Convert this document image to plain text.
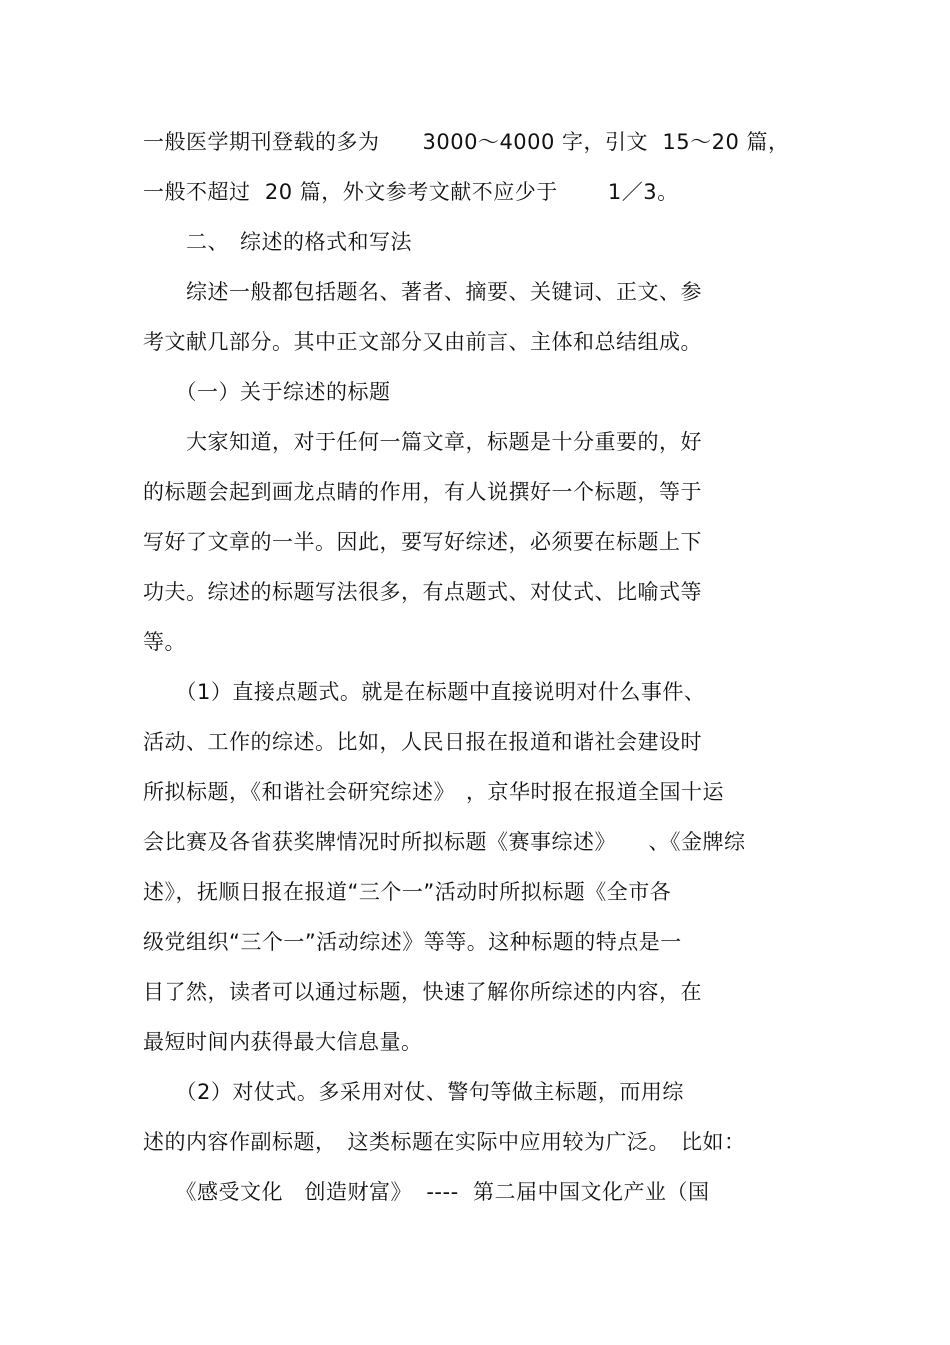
一般医学期刊登载的多为　　3000～4000 字，引文  15～20 篇，
一般不超过  20 篇，外文参考文献不应少于　　 1／3。
　　二、　综述的格式和写法
　　综述一般都包括题名、著者、摘要、关键词、正文、参
考文献几部分。其中正文部分又由前言、主体和总结组成。
　　（一）关于综述的标题
　　大家知道，对于任何一篇文章，标题是十分重要的，好
的标题会起到画龙点睛的作用，有人说撰好一个标题，等于
写好了文章的一半。因此，要写好综述，必须要在标题上下
功夫。综述的标题写法很多，有点题式、对仗式、比喻式等
等。
　　（1）直接点题式。就是在标题中直接说明对什么事件、
活动、工作的综述。比如，人民日报在报道和谐社会建设时
所拟标题，《和谐社会研究综述》　，京华时报在报道全国十运
会比赛及各省获奖牌情况时所拟标题《赛事综述》　　、《金牌综
述》，抚顺日报在报道“三个一”活动时所拟标题《全市各
级党组织“三个一”活动综述》等等。这种标题的特点是一
目了然，读者可以通过标题，快速了解你所综述的内容，在
最短时间内获得最大信息量。
　　（2）对仗式。多采用对仗、警句等做主标题，而用综
述的内容作副标题，　这类标题在实际中应用较为广泛。　比如：
　　《感受文化　创造财富》  ----  第二届中国文化产业（国
